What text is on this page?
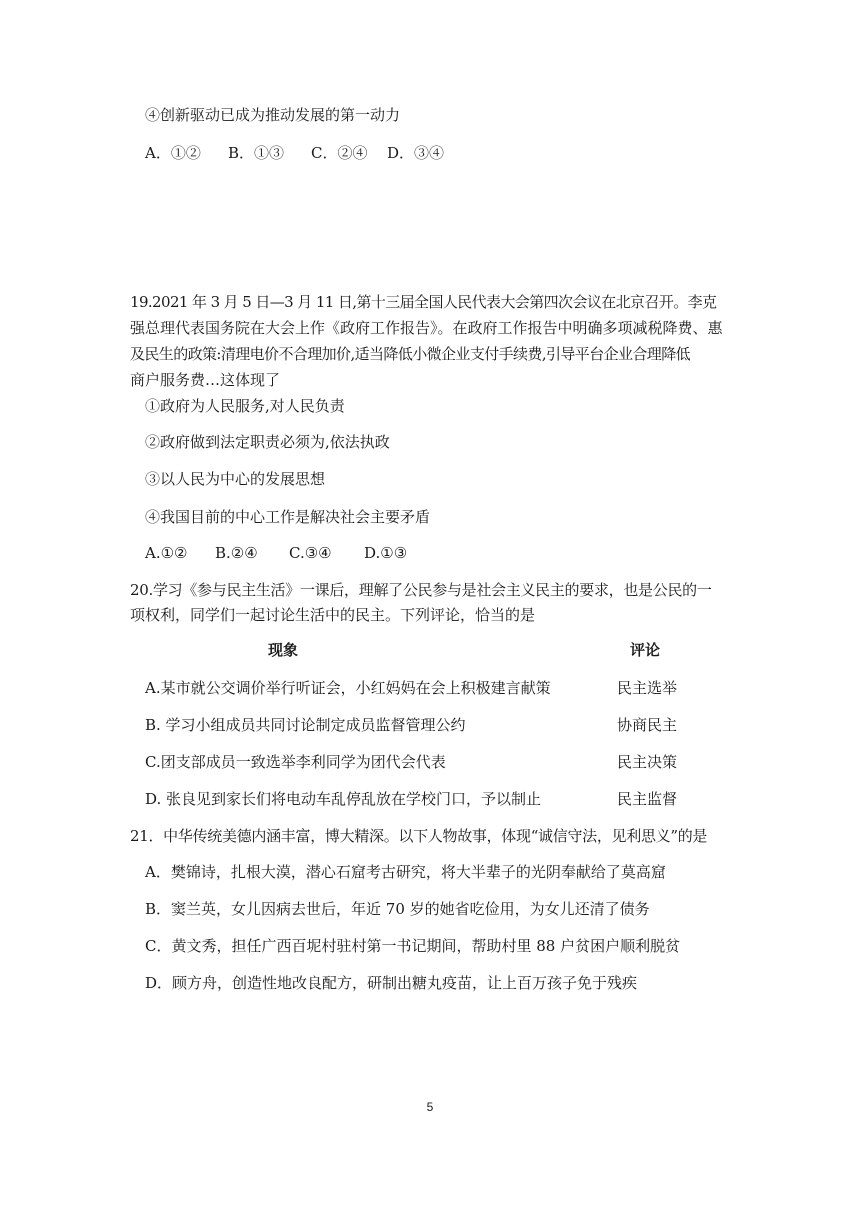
④创新驱动已成为推动发展的第一动力
A．①② B．①③ C．②④ D．③④
19.2021 年 3 月 5 日—3 月 11 日,第十三届全国人民代表大会第四次会议在北京召开。李克
强总理代表国务院在大会上作《政府工作报告》。在政府工作报告中明确多项减税降费、惠
及民生的政策:清理电价不合理加价,适当降低小微企业支付手续费,引导平台企业合理降低
商户服务费…这体现了
①政府为人民服务,对人民负责
②政府做到法定职责必须为,依法执政
③以人民为中心的发展思想
④我国目前的中心工作是解决社会主要矛盾
A.①② B.②④ C.③④ D.①③
20.学习《参与民主生活》一课后，理解了公民参与是社会主义民主的要求，也是公民的一
项权利，同学们一起讨论生活中的民主。下列评论，恰当的是
现象	评论
A.某市就公交调价举行听证会，小红妈妈在会上积极建言献策	民主选举
B. 学习小组成员共同讨论制定成员监督管理公约	协商民主
C.团支部成员一致选举李利同学为团代会代表	民主决策
D. 张良见到家长们将电动车乱停乱放在学校门口，予以制止	民主监督
21．中华传统美德内涵丰富，博大精深。以下人物故事，体现“诚信守法，见利思义”的是
A．樊锦诗，扎根大漠，潜心石窟考古研究，将大半辈子的光阴奉献给了莫高窟
B．窦兰英，女儿因病去世后，年近 70 岁的她省吃俭用，为女儿还清了债务
C．黄文秀，担任广西百坭村驻村第一书记期间，帮助村里 88 户贫困户顺利脱贫
D．顾方舟，创造性地改良配方，研制出糖丸疫苗，让上百万孩子免于残疾
5
